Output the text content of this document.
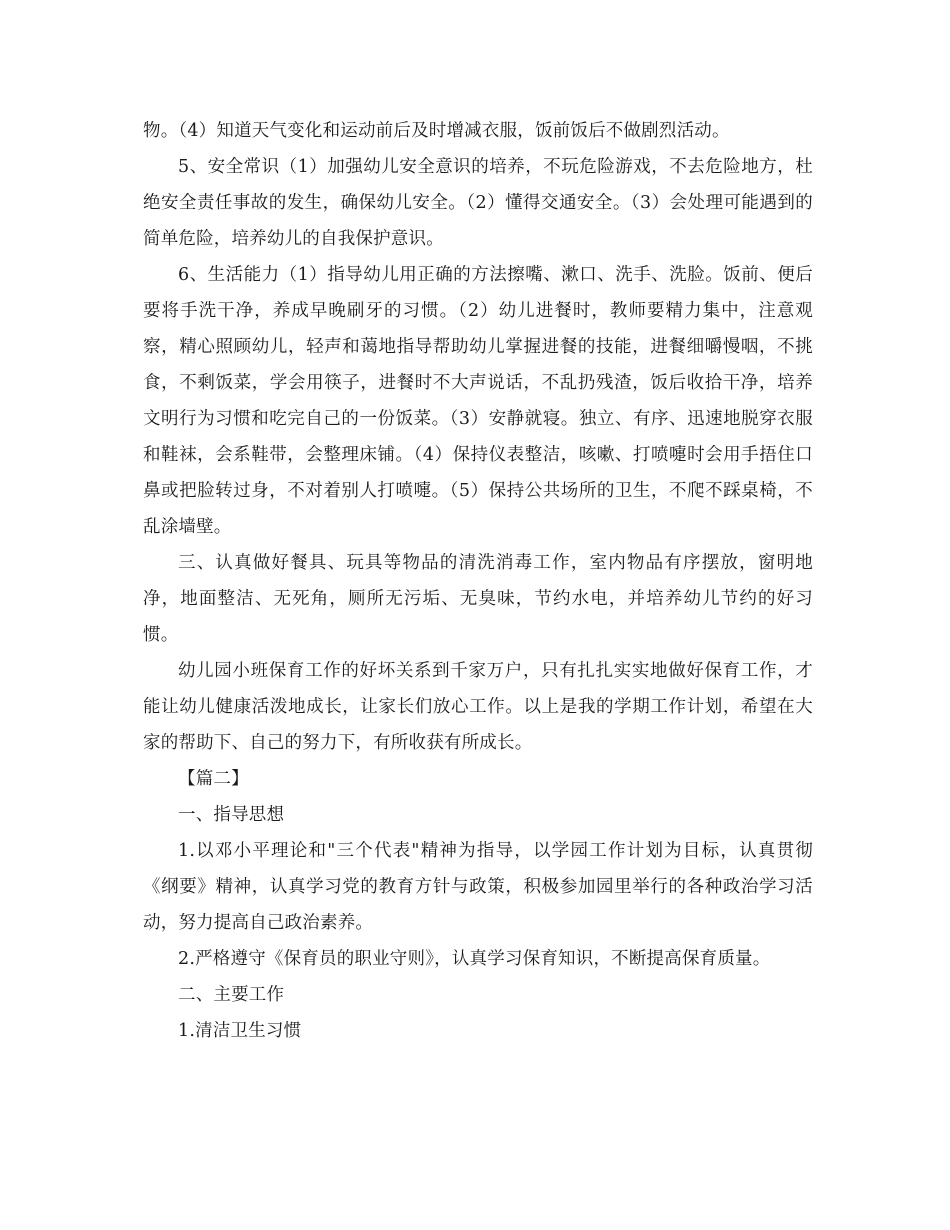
物。（4）知道天气变化和运动前后及时增减衣服，饭前饭后不做剧烈活动。

5、安全常识（1）加强幼儿安全意识的培养，不玩危险游戏，不去危险地方，杜绝安全责任事故的发生，确保幼儿安全。（2）懂得交通安全。（3）会处理可能遇到的简单危险，培养幼儿的自我保护意识。

6、生活能力（1）指导幼儿用正确的方法擦嘴、漱口、洗手、洗脸。饭前、便后要将手洗干净，养成早晚刷牙的习惯。（2）幼儿进餐时，教师要精力集中，注意观察，精心照顾幼儿，轻声和蔼地指导帮助幼儿掌握进餐的技能，进餐细嚼慢咽，不挑食，不剩饭菜，学会用筷子，进餐时不大声说话，不乱扔残渣，饭后收拾干净，培养文明行为习惯和吃完自己的一份饭菜。（3）安静就寝。独立、有序、迅速地脱穿衣服和鞋袜，会系鞋带，会整理床铺。（4）保持仪表整洁，咳嗽、打喷嚏时会用手捂住口鼻或把脸转过身，不对着别人打喷嚏。（5）保持公共场所的卫生，不爬不踩桌椅，不乱涂墙壁。

三、认真做好餐具、玩具等物品的清洗消毒工作，室内物品有序摆放，窗明地净，地面整洁、无死角，厕所无污垢、无臭味，节约水电，并培养幼儿节约的好习惯。

幼儿园小班保育工作的好坏关系到千家万户，只有扎扎实实地做好保育工作，才能让幼儿健康活泼地成长，让家长们放心工作。以上是我的学期工作计划，希望在大家的帮助下、自己的努力下，有所收获有所成长。

【篇二】

一、指导思想

1.以邓小平理论和"三个代表"精神为指导，以学园工作计划为目标，认真贯彻《纲要》精神，认真学习党的教育方针与政策，积极参加园里举行的各种政治学习活动，努力提高自己政治素养。

2.严格遵守《保育员的职业守则》，认真学习保育知识，不断提高保育质量。

二、主要工作

1.清洁卫生习惯
